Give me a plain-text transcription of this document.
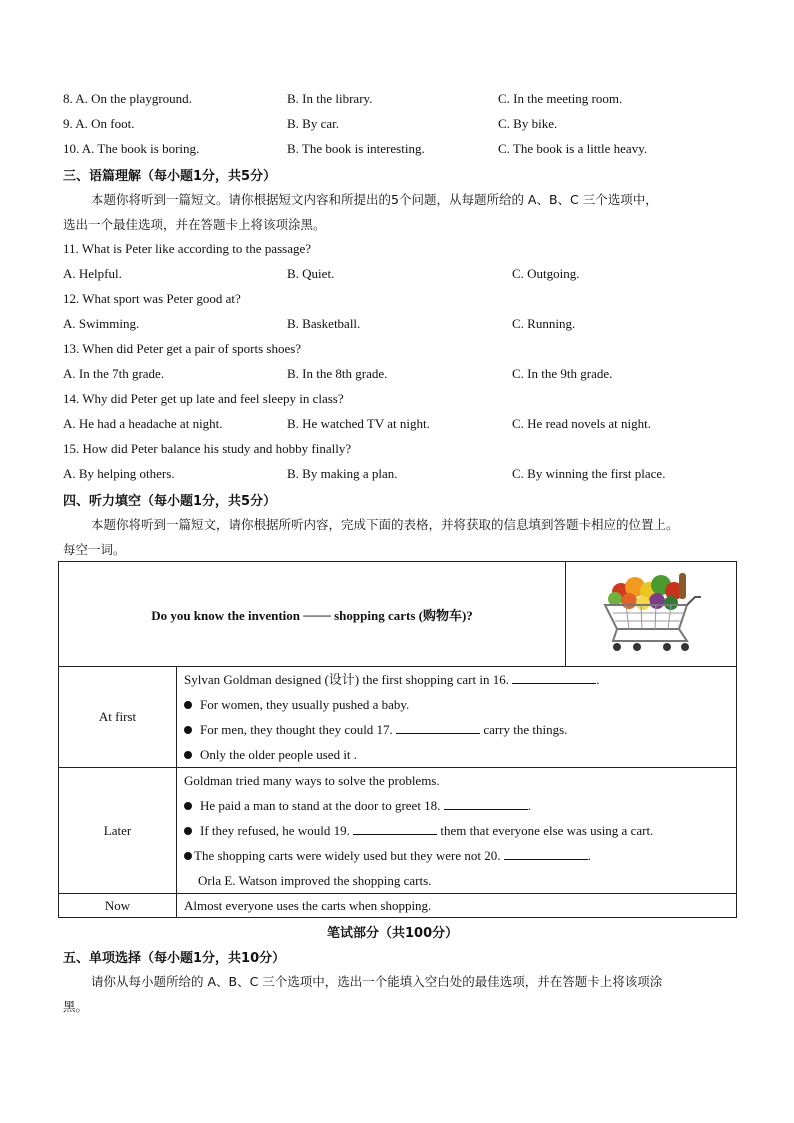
8. A. On the playground.	B. In the library.	C. In the meeting room.
9. A. On foot.	B. By car.	C. By bike.
10. A. The book is boring.	B. The book is interesting.	C. The book is a little heavy.
三、语篇理解（每小题1分，共5分）
本题你将听到一篇短文。请你根据短文内容和所提出的5个问题，从每题所给的 A、B、C 三个选项中，
选出一个最佳选项，并在答题卡上将该项涂黑。
11. What is Peter like according to the passage?
A. Helpful.	B. Quiet.	C. Outgoing.
12. What sport was Peter good at?
A. Swimming.	B. Basketball.	C. Running.
13. When did Peter get a pair of sports shoes?
A. In the 7th grade.	B. In the 8th grade.	C. In the 9th grade.
14. Why did Peter get up late and feel sleepy in class?
A. He had a headache at night.	B. He watched TV at night.	C. He read novels at night.
15. How did Peter balance his study and hobby finally?
A. By helping others.	B. By making a plan.	C. By winning the first place.
四、听力填空（每小题1分，共5分）
本题你将听到一篇短文，请你根据所听内容，完成下面的表格，并将获取的信息填到答题卡相应的位置上。
每空一词。
Do you know the invention ─── shopping carts (购物车)?	
At first	Sylvan Goldman designed (设计) the first shopping cart in 16. .
For women, they usually pushed a baby.
For men, they thought they could 17. carry the things.
Only the older people used it .	

Later	Goldman tried many ways to solve the problems.
He paid a man to stand at the door to greet 18. .
If they refused, he would 19. them that everyone else was using a cart.
The shopping carts were widely used but they were not 20. .
Orla E. Watson improved the shopping carts.	

Now	Almost everyone uses the carts when shopping.	
笔试部分（共100分）
五、单项选择（每小题1分，共10分）
请你从每小题所给的 A、B、C 三个选项中，选出一个能填入空白处的最佳选项，并在答题卡上将该项涂
黑。
